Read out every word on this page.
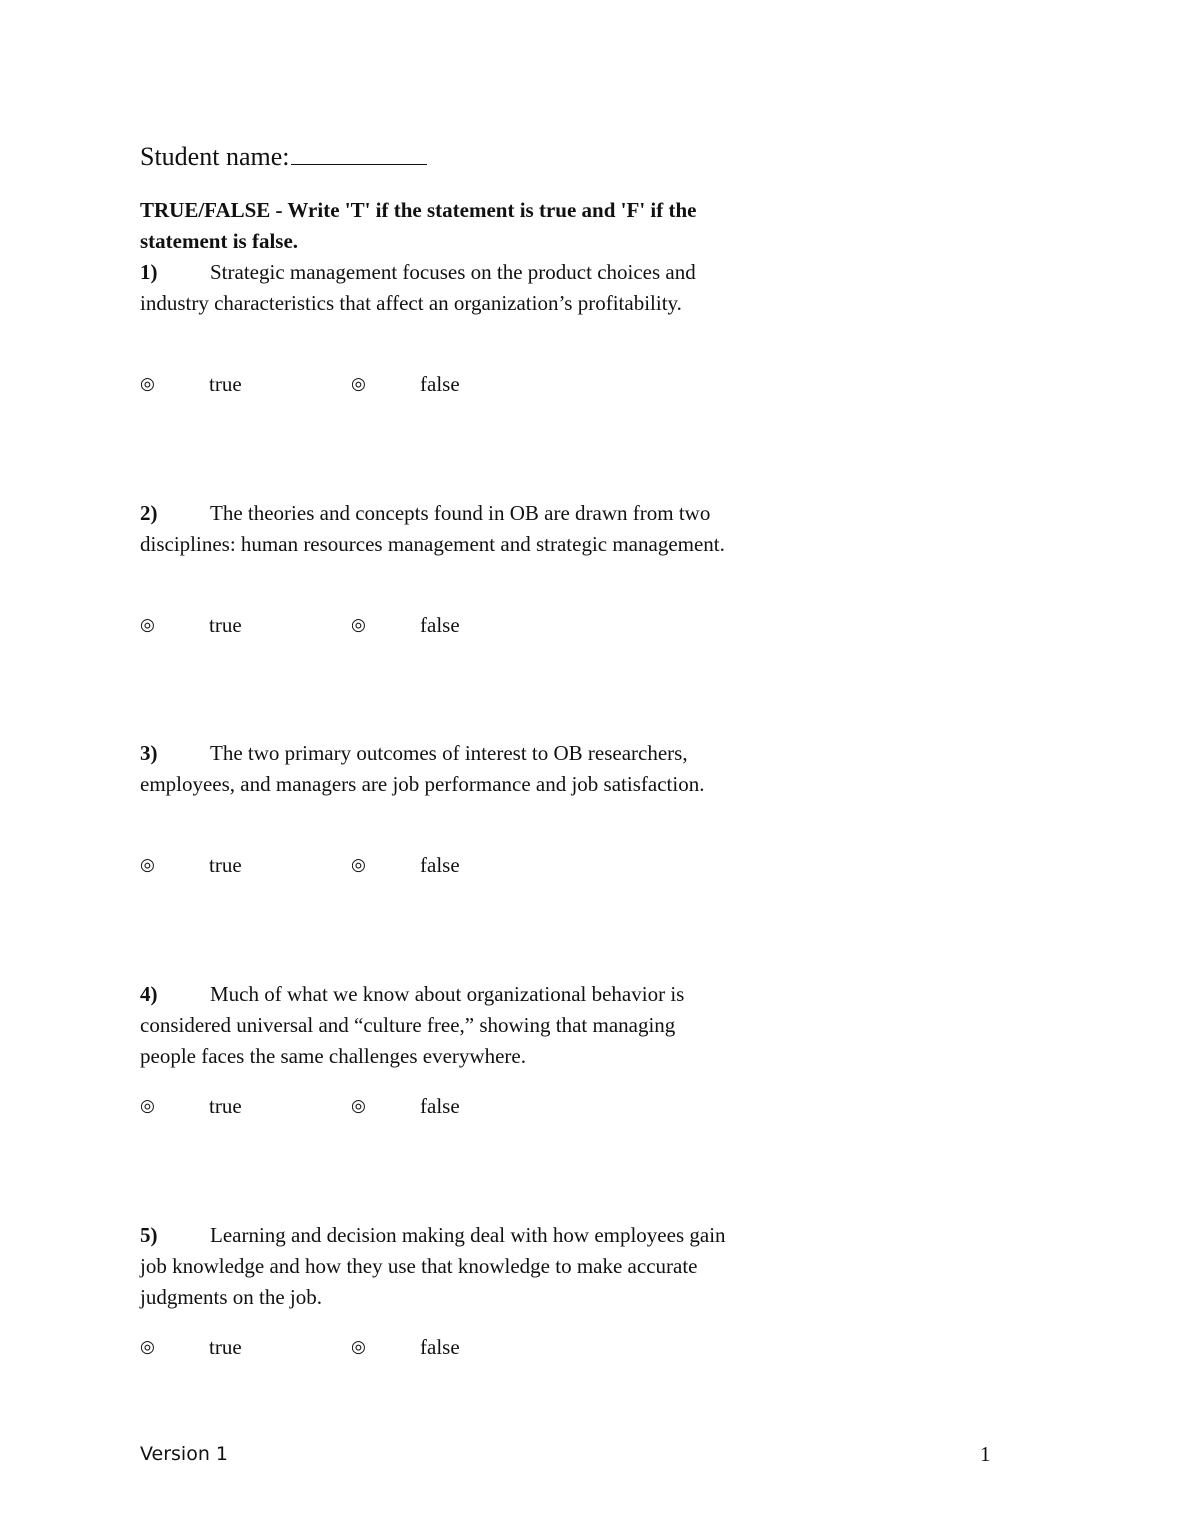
Student name:
TRUE/FALSE - Write 'T' if the statement is true and 'F' if the statement is false.
1)	Strategic management focuses on the product choices and industry characteristics that affect an organization’s profitability.
◎	true	◎	false
2)	The theories and concepts found in OB are drawn from two disciplines: human resources management and strategic management.
◎	true	◎	false
3)	The two primary outcomes of interest to OB researchers, employees, and managers are job performance and job satisfaction.
◎	true	◎	false
4)	Much of what we know about organizational behavior is considered universal and “culture free,” showing that managing people faces the same challenges everywhere.
◎	true	◎	false
5)	Learning and decision making deal with how employees gain job knowledge and how they use that knowledge to make accurate judgments on the job.
◎	true	◎	false
Version 1	1
